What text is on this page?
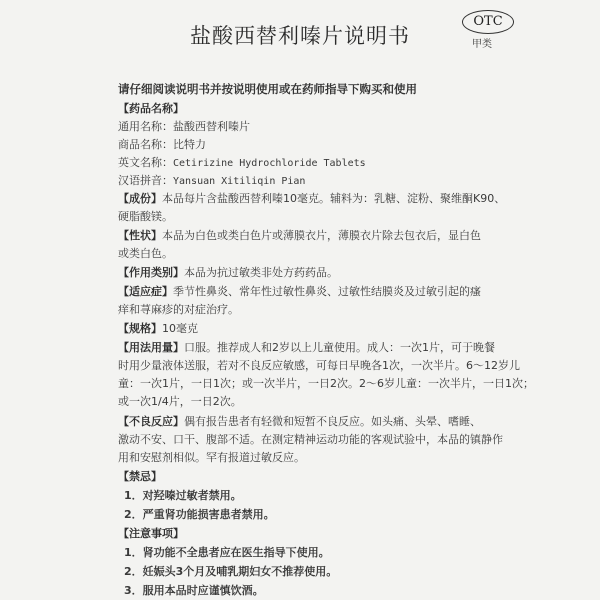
盐酸西替利嗪片说明书
OTC
甲类
请仔细阅读说明书并按说明使用或在药师指导下购买和使用
【药品名称】
通用名称：盐酸西替利嗪片
商品名称：比特力
英文名称：Cetirizine Hydrochloride Tablets
汉语拼音：Yansuan Xitiliqin Pian
【成份】本品每片含盐酸西替利嗪10毫克。辅料为：乳糖、淀粉、聚维酮K90、
硬脂酸镁。
【性状】本品为白色或类白色片或薄膜衣片，薄膜衣片除去包衣后，显白色
或类白色。
【作用类别】本品为抗过敏类非处方药药品。
【适应症】季节性鼻炎、常年性过敏性鼻炎、过敏性结膜炎及过敏引起的瘙
痒和荨麻疹的对症治疗。
【规格】10毫克
【用法用量】口服。推荐成人和2岁以上儿童使用。成人：一次1片，可于晚餐
时用少量液体送服，若对不良反应敏感，可每日早晚各1次，一次半片。6～12岁儿
童：一次1片，一日1次；或一次半片，一日2次。2～6岁儿童：一次半片，一日1次；
或一次1/4片，一日2次。
【不良反应】偶有报告患者有轻微和短暂不良反应。如头痛、头晕、嗜睡、
激动不安、口干、腹部不适。在测定精神运动功能的客观试验中，本品的镇静作
用和安慰剂相似。罕有报道过敏反应。
【禁忌】
1．对羟嗪过敏者禁用。
2．严重肾功能损害患者禁用。
【注意事项】
1．肾功能不全患者应在医生指导下使用。
2．妊娠头3个月及哺乳期妇女不推荐使用。
3．服用本品时应谨慎饮酒。
